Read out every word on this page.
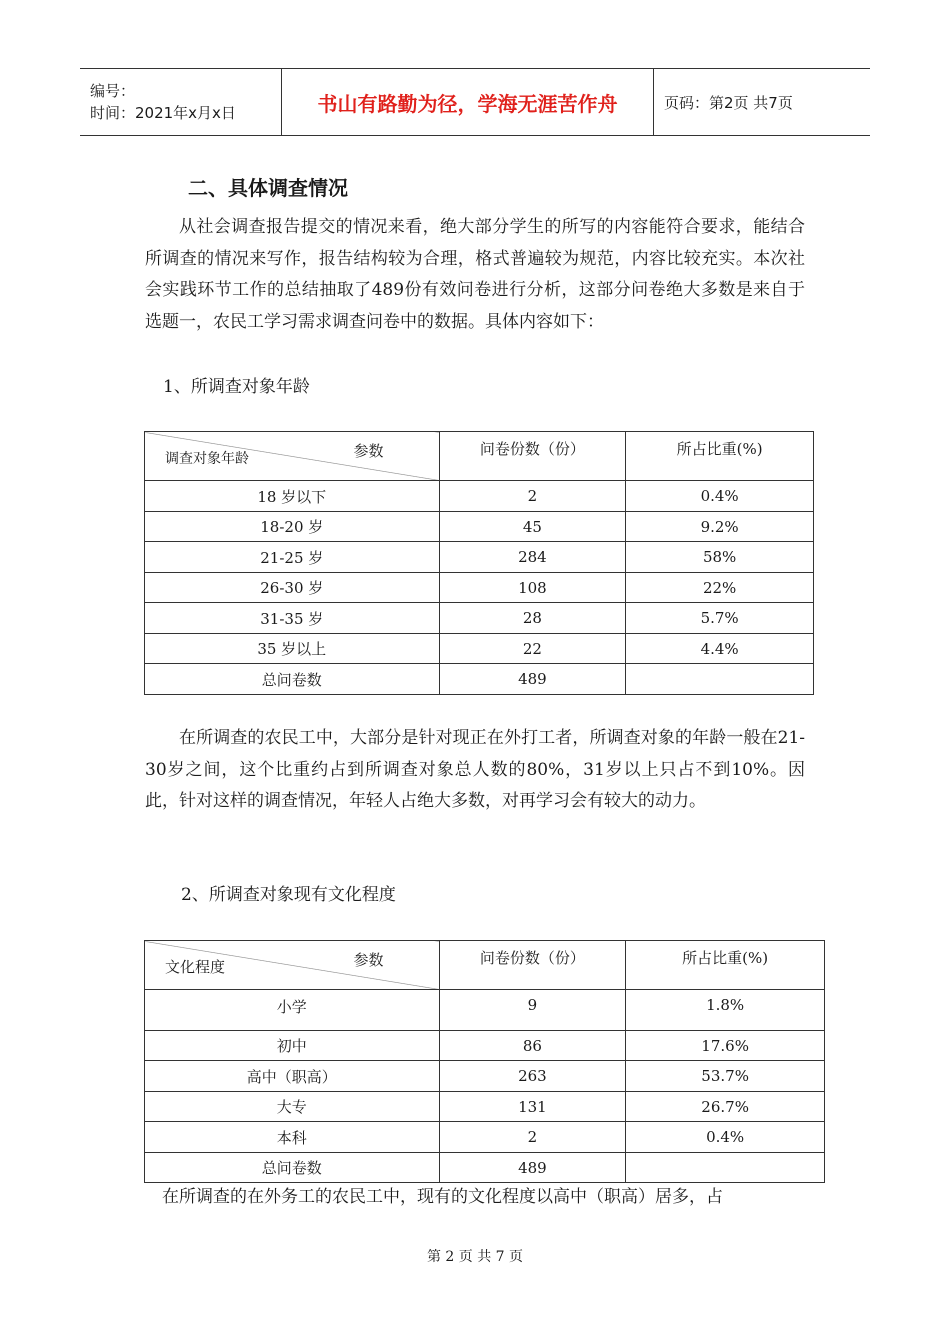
编号：
时间：2021年x月x日	书山有路勤为径，学海无涯苦作舟	页码：第2页 共7页
二、具体调查情况

从社会调查报告提交的情况来看，绝大部分学生的所写的内容能符合要求，能结合所调查的情况来写作，报告结构较为合理，格式普遍较为规范，内容比较充实。本次社会实践环节工作的总结抽取了489份有效问卷进行分析，这部分问卷绝大多数是来自于选题一，农民工学习需求调查问卷中的数据。具体内容如下：

1、所调查对象年龄
参数
调查对象年龄	问卷份数（份）	所占比重(%)
18 岁以下	2	0.4%
18-20 岁	45	9.2%
21-25 岁	284	58%
26-30 岁	108	22%
31-35 岁	28	5.7%
35 岁以上	22	4.4%
总问卷数	489	

在所调查的农民工中，大部分是针对现正在外打工者，所调查对象的年龄一般在21-30岁之间，这个比重约占到所调查对象总人数的80%，31岁以上只占不到10%。因此，针对这样的调查情况，年轻人占绝大多数，对再学习会有较大的动力。

2、所调查对象现有文化程度
参数
文化程度	问卷份数（份）	所占比重(%)
小学	9	1.8%
初中	86	17.6%
高中（职高）	263	53.7%
大专	131	26.7%
本科	2	0.4%
总问卷数	489	

在所调查的在外务工的农民工中，现有的文化程度以高中（职高）居多，占

第 2 页 共 7 页
